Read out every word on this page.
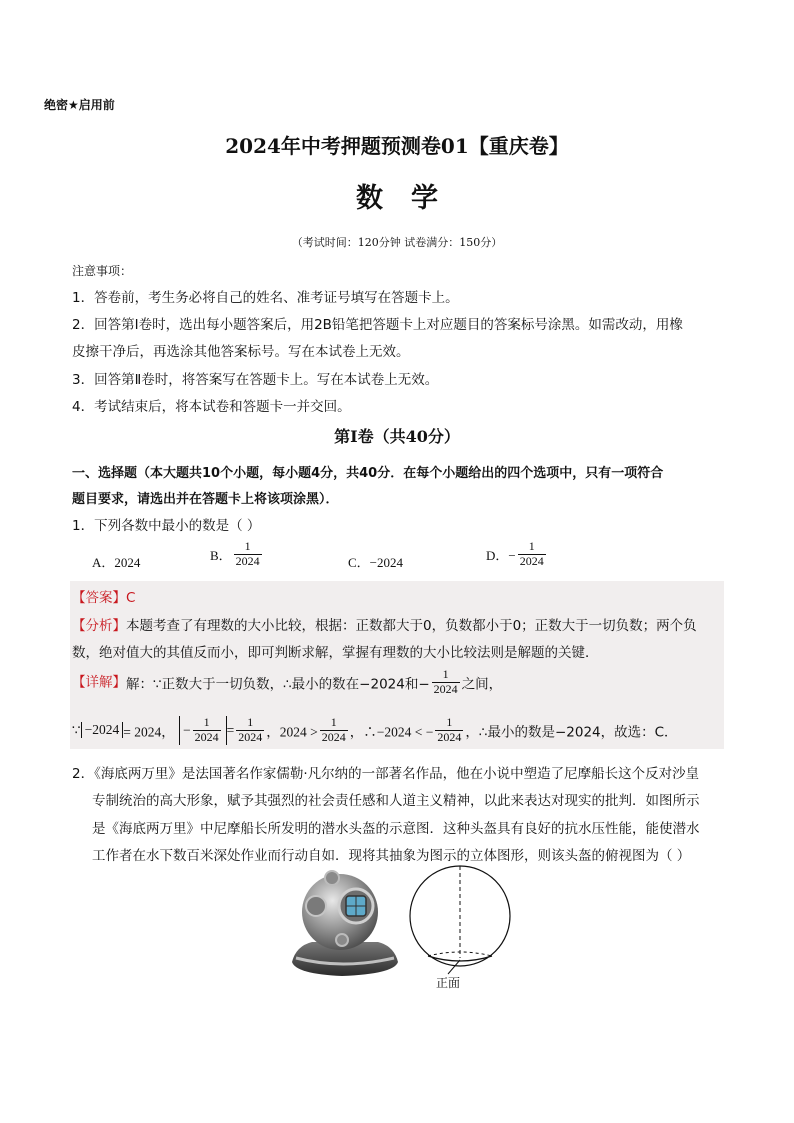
绝密★启用前
2024年中考押题预测卷01【重庆卷】
数学
（考试时间：120分钟 试卷满分：150分）
注意事项：
1．答卷前，考生务必将自己的姓名、准考证号填写在答题卡上。
2．回答第Ⅰ卷时，选出每小题答案后，用2B铅笔把答题卡上对应题目的答案标号涂黑。如需改动，用橡
皮擦干净后，再选涂其他答案标号。写在本试卷上无效。
3．回答第Ⅱ卷时，将答案写在答题卡上。写在本试卷上无效。
4．考试结束后，将本试卷和答题卡一并交回。
第Ⅰ卷（共40分）
一、选择题（本大题共10个小题，每小题4分，共40分．在每个小题给出的四个选项中，只有一项符合
题目要求，请选出并在答题卡上将该项涂黑）．
1．下列各数中最小的数是（ ）
A．2024	B． $\frac{1}{2024}$	C．−2024	D．− $\frac{1}{2024}$
【答案】C
【分析】本题考查了有理数的大小比较，根据：正数都大于0，负数都小于0；正数大于一切负数；两个负
数，绝对值大的其值反而小，即可判断求解，掌握有理数的大小比较法则是解题的关键．
【详解】解：∵正数大于一切负数，∴最小的数在−2024和− $\frac{1}{2024}$ 之间，
∵ −2024 = 2024， − $\frac{1}{2024} = \frac{1}{2024}$ ，$2024 > \frac{1}{2024}$ ，∴−2024 < − $\frac{1}{2024}$ ，∴最小的数是−2024，故选：C．
2．《海底两万里》是法国著名作家儒勒·凡尔纳的一部著名作品，他在小说中塑造了尼摩船长这个反对沙皇
专制统治的高大形象，赋予其强烈的社会责任感和人道主义精神，以此来表达对现实的批判．如图所示
是《海底两万里》中尼摩船长所发明的潜水头盔的示意图．这种头盔具有良好的抗水压性能，能使潜水
工作者在水下数百米深处作业而行动自如．现将其抽象为图示的立体图形，则该头盔的俯视图为（ ）
正面
